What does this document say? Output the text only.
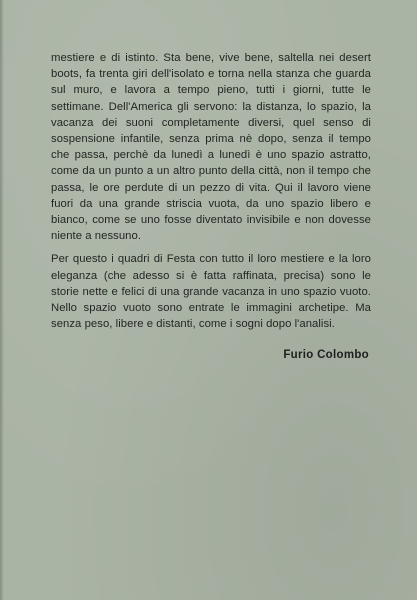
mestiere e di istinto. Sta bene, vive bene, saltella nei desert boots, fa trenta giri dell'isolato e torna nella stanza che guarda sul muro, e lavora a tempo pieno, tutti i giorni, tutte le settimane. Dell'America gli servono: la distanza, lo spazio, la vacanza dei suoni completamente diversi, quel senso di sospensione infantile, senza prima nè dopo, senza il tempo che passa, perchè da lunedì a lunedì è uno spazio astratto, come da un punto a un altro punto della città, non il tempo che passa, le ore perdute di un pezzo di vita. Qui il lavoro viene fuori da una grande striscia vuota, da uno spazio libero e bianco, come se uno fosse diventato invisibile e non dovesse niente a nessuno.

Per questo i quadri di Festa con tutto il loro mestiere e la loro eleganza (che adesso si è fatta raffinata, precisa) sono le storie nette e felici di una grande vacanza in uno spazio vuoto. Nello spazio vuoto sono entrate le immagini archetipe. Ma senza peso, libere e distanti, come i sogni dopo l'analisi.

Furio Colombo
